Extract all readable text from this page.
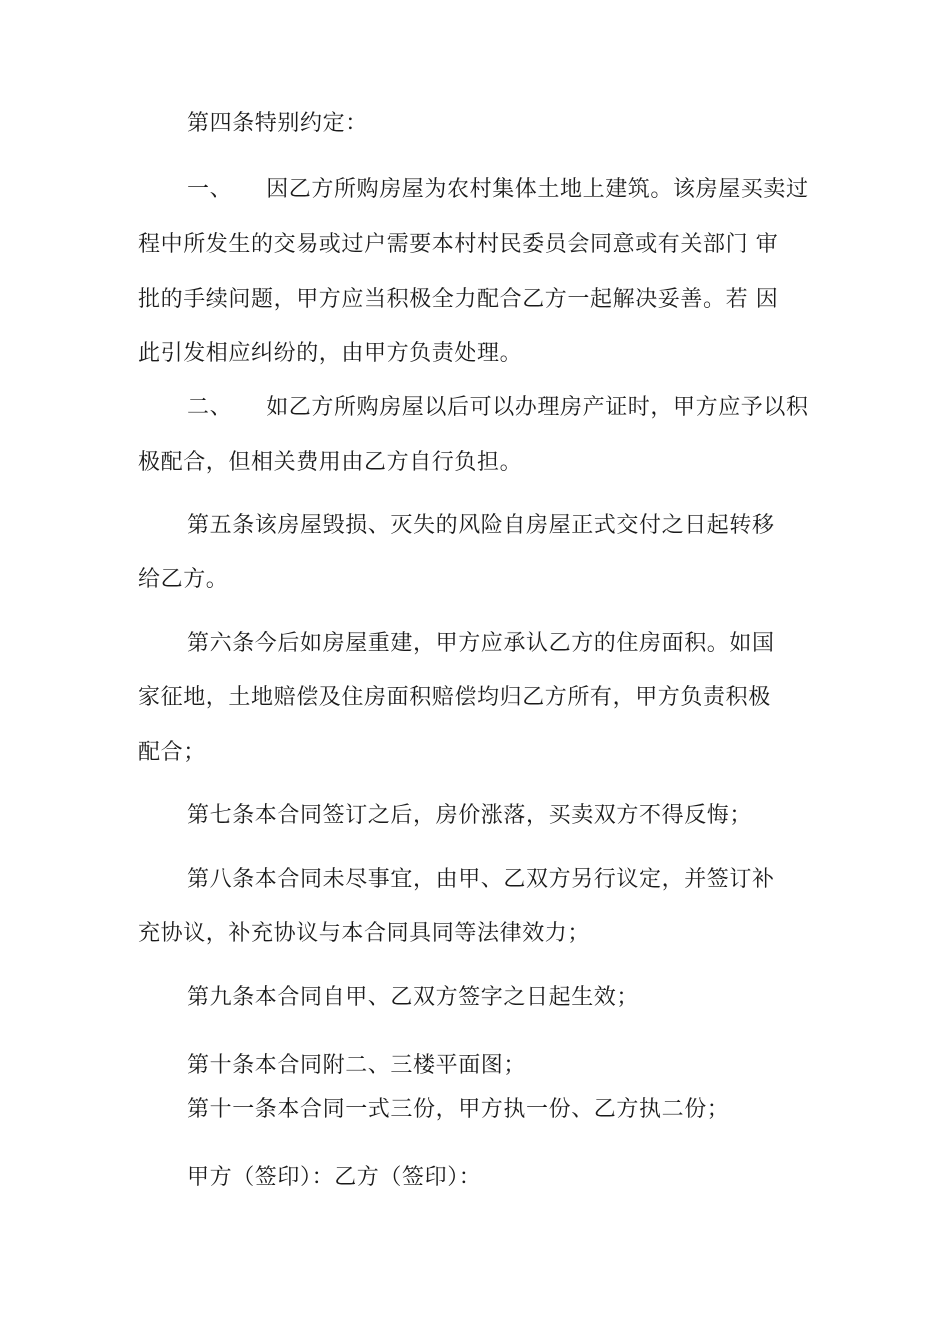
第四条特别约定：
一、 因乙方所购房屋为农村集体土地上建筑。该房屋买卖过
程中所发生的交易或过户需要本村村民委员会同意或有关部门 审
批的手续问题，甲方应当积极全力配合乙方一起解决妥善。若 因
此引发相应纠纷的，由甲方负责处理。
二、 如乙方所购房屋以后可以办理房产证时，甲方应予以积
极配合，但相关费用由乙方自行负担。
第五条该房屋毁损、灭失的风险自房屋正式交付之日起转移
给乙方。
第六条今后如房屋重建，甲方应承认乙方的住房面积。如国
家征地，土地赔偿及住房面积赔偿均归乙方所有，甲方负责积极
配合；
第七条本合同签订之后，房价涨落，买卖双方不得反悔；
第八条本合同未尽事宜，由甲、乙双方另行议定，并签订补
充协议，补充协议与本合同具同等法律效力；
第九条本合同自甲、乙双方签字之日起生效；
第十条本合同附二、三楼平面图；
第十一条本合同一式三份，甲方执一份、乙方执二份；
甲方（签印）：乙方（签印）：
